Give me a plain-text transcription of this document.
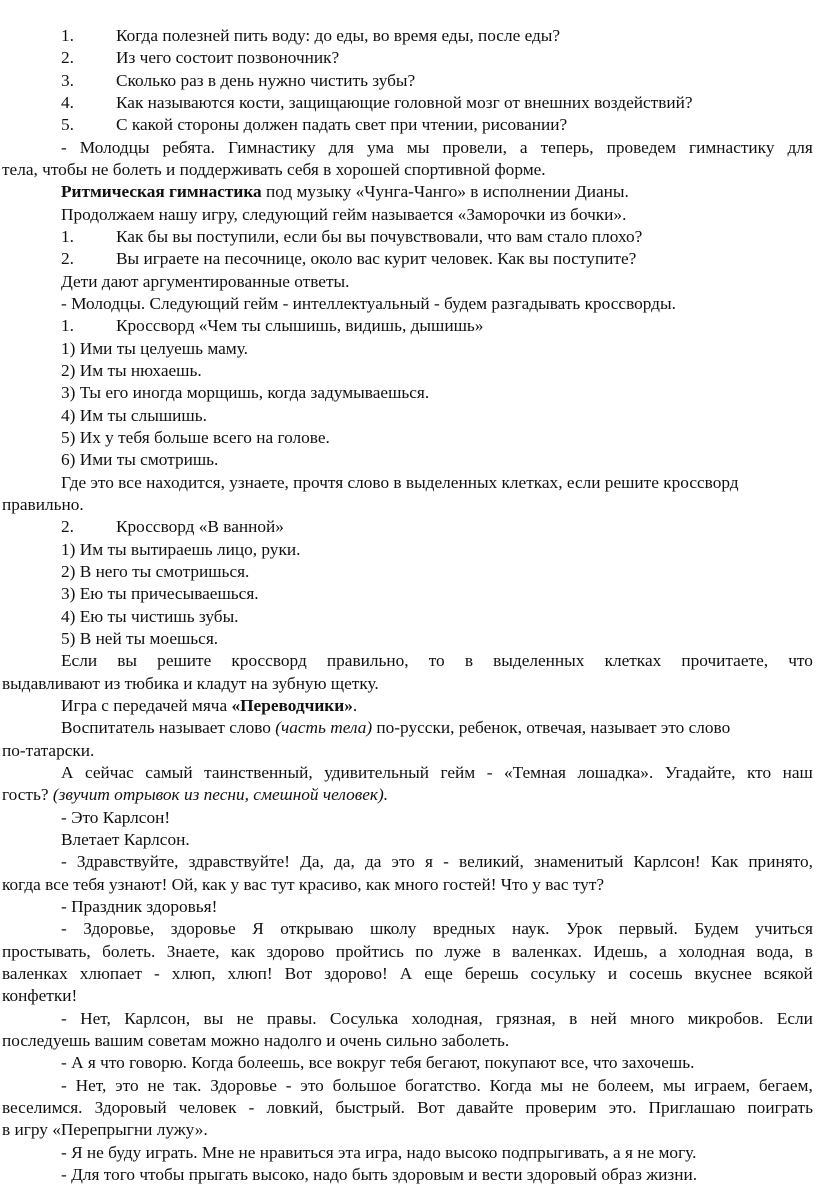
1. Когда полезней пить воду: до еды, во время еды, после еды?
2. Из чего состоит позвоночник?
3. Сколько раз в день нужно чистить зубы?
4. Как называются кости, защищающие головной мозг от внешних воздействий?
5. С какой стороны должен падать свет при чтении, рисовании?
- Молодцы ребята. Гимнастику для ума мы провели, а теперь, проведем гимнастику для
тела, чтобы не болеть и поддерживать себя в хорошей спортивной форме.
Ритмическая гимнастика под музыку «Чунга-Чанго» в исполнении Дианы.
Продолжаем нашу игру, следующий гейм называется «Заморочки из бочки».
1. Как бы вы поступили, если бы вы почувствовали, что вам стало плохо?
2. Вы играете на песочнице, около вас курит человек. Как вы поступите?
Дети дают аргументированные ответы.
- Молодцы. Следующий гейм - интеллектуальный - будем разгадывать кроссворды.
1. Кроссворд «Чем ты слышишь, видишь, дышишь»
1) Ими ты целуешь маму.
2) Им ты нюхаешь.
3) Ты его иногда морщишь, когда задумываешься.
4) Им ты слышишь.
5) Их у тебя больше всего на голове.
6) Ими ты смотришь.
Где это все находится, узнаете, прочтя слово в выделенных клетках, если решите кроссворд
правильно.
2. Кроссворд «В ванной»
1) Им ты вытираешь лицо, руки.
2) В него ты смотришься.
3) Ею ты причесываешься.
4) Ею ты чистишь зубы.
5) В ней ты моешься.
Если вы решите кроссворд правильно, то в выделенных клетках прочитаете, что
выдавливают из тюбика и кладут на зубную щетку.
Игра с передачей мяча «Переводчики».
Воспитатель называет слово (часть тела) по-русски, ребенок, отвечая, называет это слово
по-татарски.
А сейчас самый таинственный, удивительный гейм - «Темная лошадка». Угадайте, кто наш
гость? (звучит отрывок из песни, смешной человек).
- Это Карлсон!
Влетает Карлсон.
- Здравствуйте, здравствуйте! Да, да, да это я - великий, знаменитый Карлсон! Как принято,
когда все тебя узнают! Ой, как у вас тут красиво, как много гостей! Что у вас тут?
- Праздник здоровья!
- Здоровье, здоровье Я открываю школу вредных наук. Урок первый. Будем учиться
простывать, болеть. Знаете, как здорово пройтись по луже в валенках. Идешь, а холодная вода, в
валенках хлюпает - хлюп, хлюп! Вот здорово! А еще берешь сосульку и сосешь вкуснее всякой
конфетки!
- Нет, Карлсон, вы не правы. Сосулька холодная, грязная, в ней много микробов. Если
последуешь вашим советам можно надолго и очень сильно заболеть.
- А я что говорю. Когда болеешь, все вокруг тебя бегают, покупают все, что захочешь.
- Нет, это не так. Здоровье - это большое богатство. Когда мы не болеем, мы играем, бегаем,
веселимся. Здоровый человек - ловкий, быстрый. Вот давайте проверим это. Приглашаю поиграть
в игру «Перепрыгни лужу».
- Я не буду играть. Мне не нравиться эта игра, надо высоко подпрыгивать, а я не могу.
- Для того чтобы прыгать высоко, надо быть здоровым и вести здоровый образ жизни.
